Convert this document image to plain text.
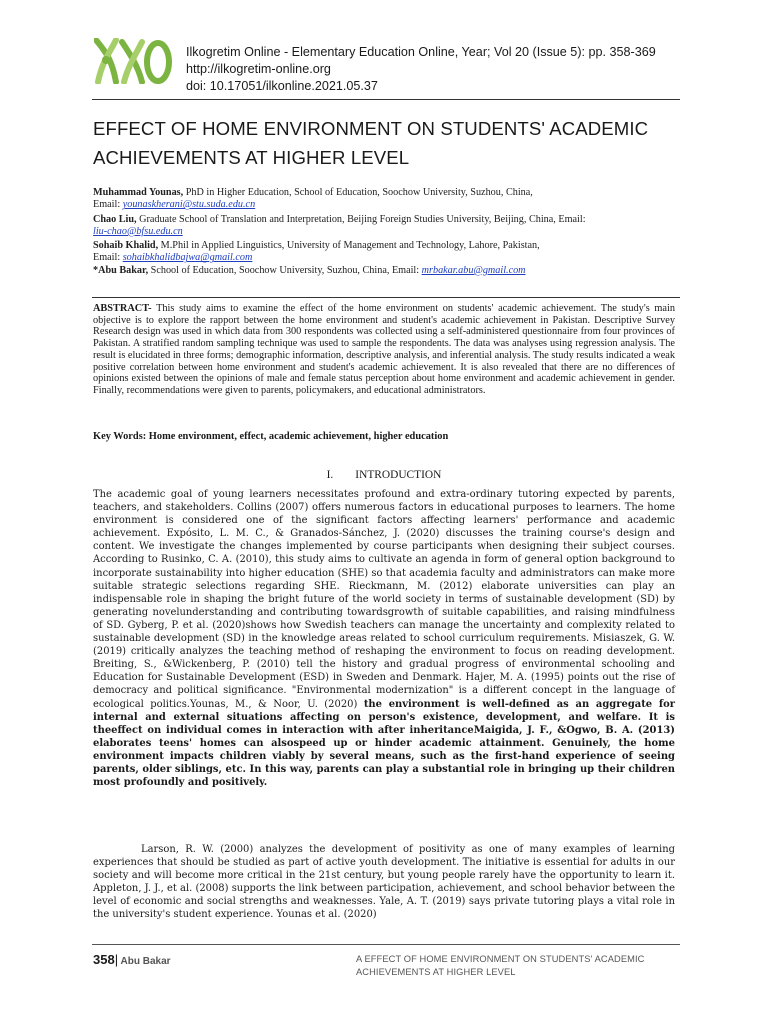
Ilkogretim Online - Elementary Education Online, Year; Vol 20 (Issue 5): pp. 358-369
http://ilkogretim-online.org
doi: 10.17051/ilkonline.2021.05.37
EFFECT OF HOME ENVIRONMENT ON STUDENTS' ACADEMIC
ACHIEVEMENTS AT HIGHER LEVEL
Muhammad Younas, PhD in Higher Education, School of Education, Soochow University, Suzhou, China,
Email: younaskherani@stu.suda.edu.cn
Chao Liu, Graduate School of Translation and Interpretation, Beijing Foreign Studies University, Beijing, China, Email:
liu-chao@bfsu.edu.cn
Sohaib Khalid, M.Phil in Applied Linguistics, University of Management and Technology, Lahore, Pakistan,
Email: sohaibkhalidbajwa@gmail.com
*Abu Bakar, School of Education, Soochow University, Suzhou, China, Email: mrbakar.abu@gmail.com
ABSTRACT- This study aims to examine the effect of the home environment on students' academic achievement. The study's main objective is to explore the rapport between the home environment and student's academic achievement in Pakistan. Descriptive Survey Research design was used in which data from 300 respondents was collected using a self-administered questionnaire from four provinces of Pakistan. A stratified random sampling technique was used to sample the respondents. The data was analyses using regression analysis. The result is elucidated in three forms; demographic information, descriptive analysis, and inferential analysis. The study results indicated a weak positive correlation between home environment and student's academic achievement. It is also revealed that there are no differences of opinions existed between the opinions of male and female status perception about home environment and academic achievement in gender. Finally, recommendations were given to parents, policymakers, and educational administrators.
Key Words: Home environment, effect, academic achievement, higher education
I. INTRODUCTION
The academic goal of young learners necessitates profound and extra-ordinary tutoring expected by parents, teachers, and stakeholders. Collins (2007) offers numerous factors in educational purposes to learners. The home environment is considered one of the significant factors affecting learners' performance and academic achievement. Expósito, L. M. C., & Granados-Sánchez, J. (2020) discusses the training course's design and content. We investigate the changes implemented by course participants when designing their subject courses. According to Rusinko, C. A. (2010), this study aims to cultivate an agenda in form of general option background to incorporate sustainability into higher education (SHE) so that academia faculty and administrators can make more suitable strategic selections regarding SHE. Rieckmann, M. (2012) elaborate universities can play an indispensable role in shaping the bright future of the world society in terms of sustainable development (SD) by generating novelunderstanding and contributing towardsgrowth of suitable capabilities, and raising mindfulness of SD. Gyberg, P. et al. (2020)shows how Swedish teachers can manage the uncertainty and complexity related to sustainable development (SD) in the knowledge areas related to school curriculum requirements. Misiaszek, G. W. (2019) critically analyzes the teaching method of reshaping the environment to focus on reading development. Breiting, S., &Wickenberg, P. (2010) tell the history and gradual progress of environmental schooling and Education for Sustainable Development (ESD) in Sweden and Denmark. Hajer, M. A. (1995) points out the rise of democracy and political significance. "Environmental modernization" is a different concept in the language of ecological politics.Younas, M., & Noor, U. (2020) the environment is well-defined as an aggregate for internal and external situations affecting on person's existence, development, and welfare. It is theeffect on individual comes in interaction with after inheritanceMaigida, J. F., &Ogwo, B. A. (2013) elaborates teens' homes can alsospeed up or hinder academic attainment. Genuinely, the home environment impacts children viably by several means, such as the first-hand experience of seeing parents, older siblings, etc. In this way, parents can play a substantial role in bringing up their children most profoundly and positively.
Larson, R. W. (2000) analyzes the development of positivity as one of many examples of learning experiences that should be studied as part of active youth development. The initiative is essential for adults in our society and will become more critical in the 21st century, but young people rarely have the opportunity to learn it. Appleton, J. J., et al. (2008) supports the link between participation, achievement, and school behavior between the level of economic and social strengths and weaknesses. Yale, A. T. (2019) says private tutoring plays a vital role in the university's student experience. Younas et al. (2020)
358| Abu Bakar	A EFFECT OF HOME ENVIRONMENT ON STUDENTS' ACADEMIC
ACHIEVEMENTS AT HIGHER LEVEL
